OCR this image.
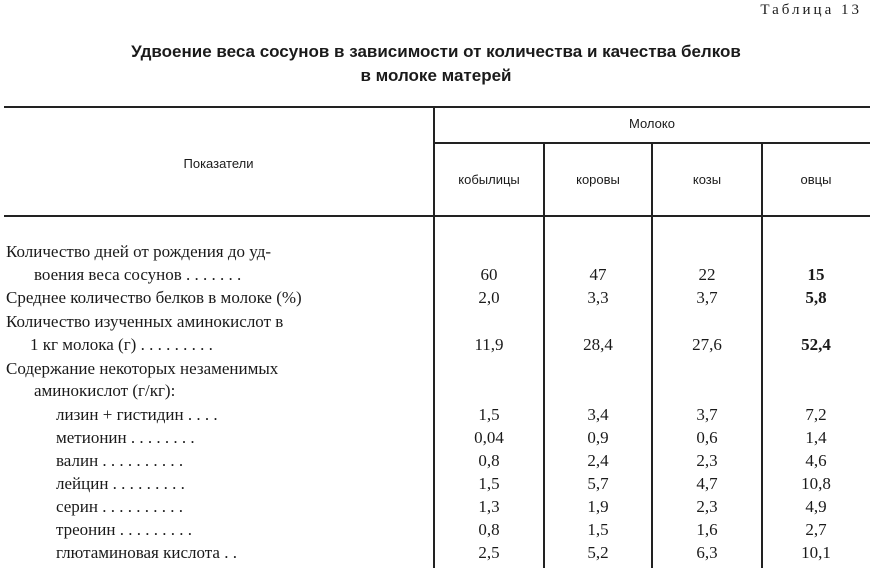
Таблица 13
Удвоение веса сосунов в зависимости от количества и качества белков
в молоке матерей
Показатели
Молоко
кобылицы	коровы	козы	овцы
Количество дней от рождения до уд-
воения веса сосунов . . . . . . .	60	47	22	15
Среднее количество белков в молоке (%)	2,0	3,3	3,7	5,8
Количество изученных аминокислот в
1 кг молока (г) . . . . . . . . .	11,9	28,4	27,6	52,4
Содержание некоторых незаменимых
аминокислот (г/кг):
лизин + гистидин . . . .	1,5	3,4	3,7	7,2
метионин . . . . . . . .	0,04	0,9	0,6	1,4
валин . . . . . . . . . .	0,8	2,4	2,3	4,6
лейцин . . . . . . . . .	1,5	5,7	4,7	10,8
серин . . . . . . . . . .	1,3	1,9	2,3	4,9
треонин . . . . . . . . .	0,8	1,5	1,6	2,7
глютаминовая кислота . .	2,5	5,2	6,3	10,1
